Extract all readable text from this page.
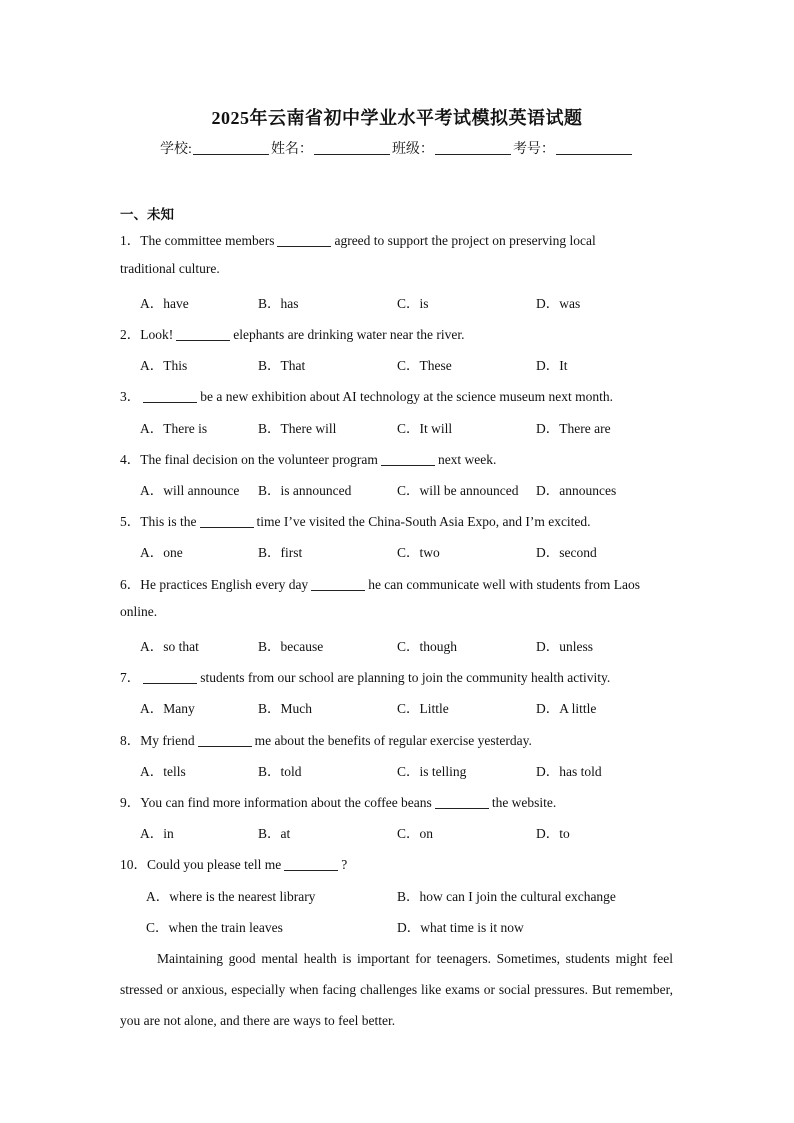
2025年云南省初中学业水平考试模拟英语试题
学校:	姓名：	班级：	考号：
一、未知
1．The committee members	agreed to support the project on preserving local
traditional culture.
A．have	B．has	C．is	D．was
2．Look!	elephants are drinking water near the river.
A．This	B．That	C．These	D．It
3．	be a new exhibition about AI technology at the science museum next month.
A．There is	B．There will	C．It will	D．There are
4．The final decision on the volunteer program	next week.
A．will announce B．is announced	C．will be announced D．announces
5．This is the	time I’ve visited the China-South Asia Expo, and I’m excited.
A．one	B．first	C．two	D．second
6．He practices English every day	he can communicate well with students from Laos
online.
A．so that	B．because	C．though	D．unless
7．	students from our school are planning to join the community health activity.
A．Many	B．Much	C．Little	D．A little
8．My friend	me about the benefits of regular exercise yesterday.
A．tells	B．told	C．is telling	D．has told
9．You can find more information about the coffee beans	the website.
A．in	B．at	C．on	D．to
10．Could you please tell me	?
A．where is the nearest library	B．how can I join the cultural exchange
C．when the train leaves	D．what time is it now
Maintaining good mental health is important for teenagers. Sometimes, students might feel stressed or anxious, especially when facing challenges like exams or social pressures. But remember, you are not alone, and there are ways to feel better.
